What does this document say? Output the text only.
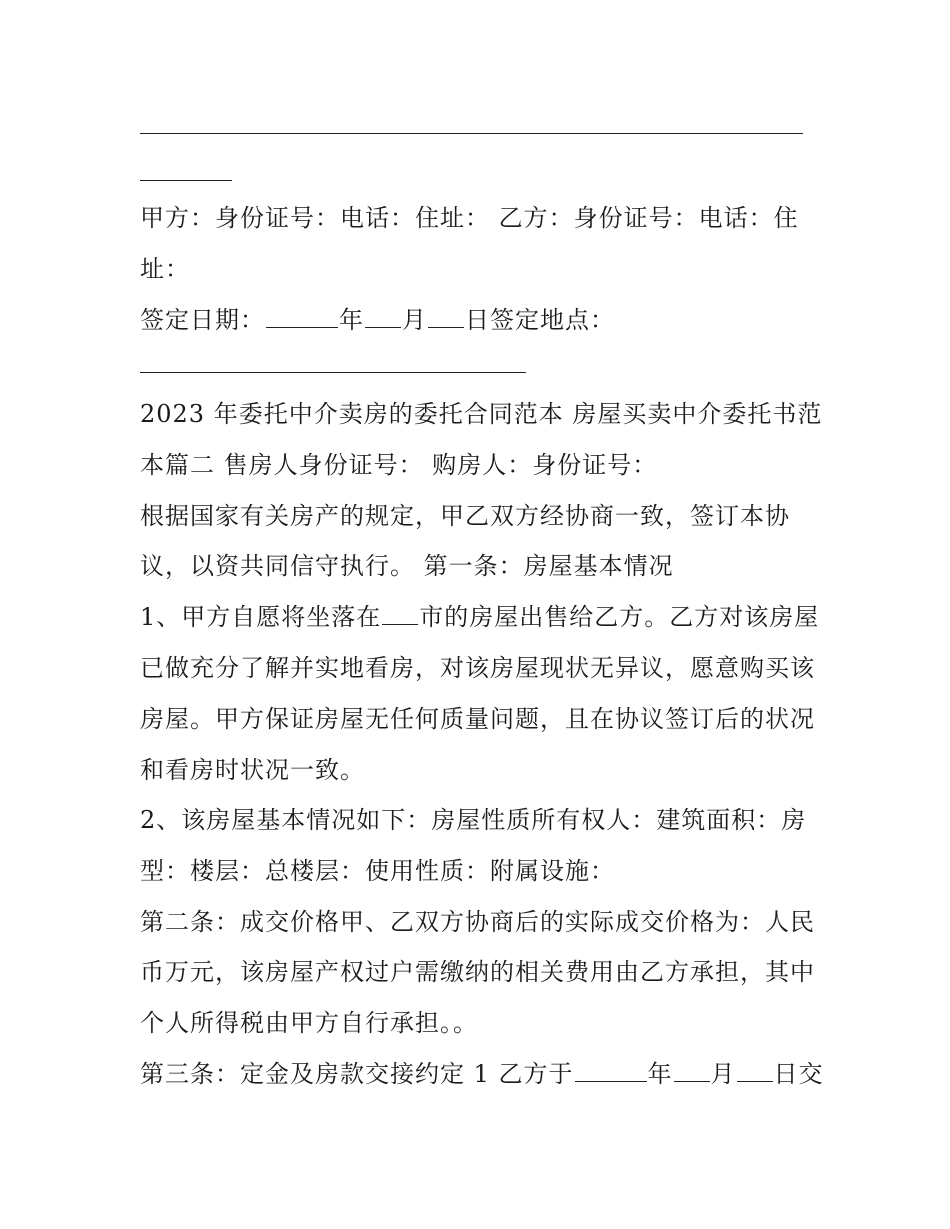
甲方：身份证号：电话：住址： 乙方：身份证号：电话：住
址：
签定日期：	年 月 日签定地点：
2023 年委托中介卖房的委托合同范本 房屋买卖中介委托书范
本篇二 售房人身份证号： 购房人：身份证号：
根据国家有关房产的规定，甲乙双方经协商一致，签订本协
议，以资共同信守执行。 第一条：房屋基本情况
1、甲方自愿将坐落在 市的房屋出售给乙方。乙方对该房屋
已做充分了解并实地看房，对该房屋现状无异议，愿意购买该
房屋。甲方保证房屋无任何质量问题，且在协议签订后的状况
和看房时状况一致。
2、该房屋基本情况如下：房屋性质所有权人：建筑面积：房
型：楼层：总楼层：使用性质：附属设施：
第二条：成交价格甲、乙双方协商后的实际成交价格为：人民
币万元，该房屋产权过户需缴纳的相关费用由乙方承担，其中
个人所得税由甲方自行承担。。
第三条：定金及房款交接约定 1 乙方于	年 月 日交
